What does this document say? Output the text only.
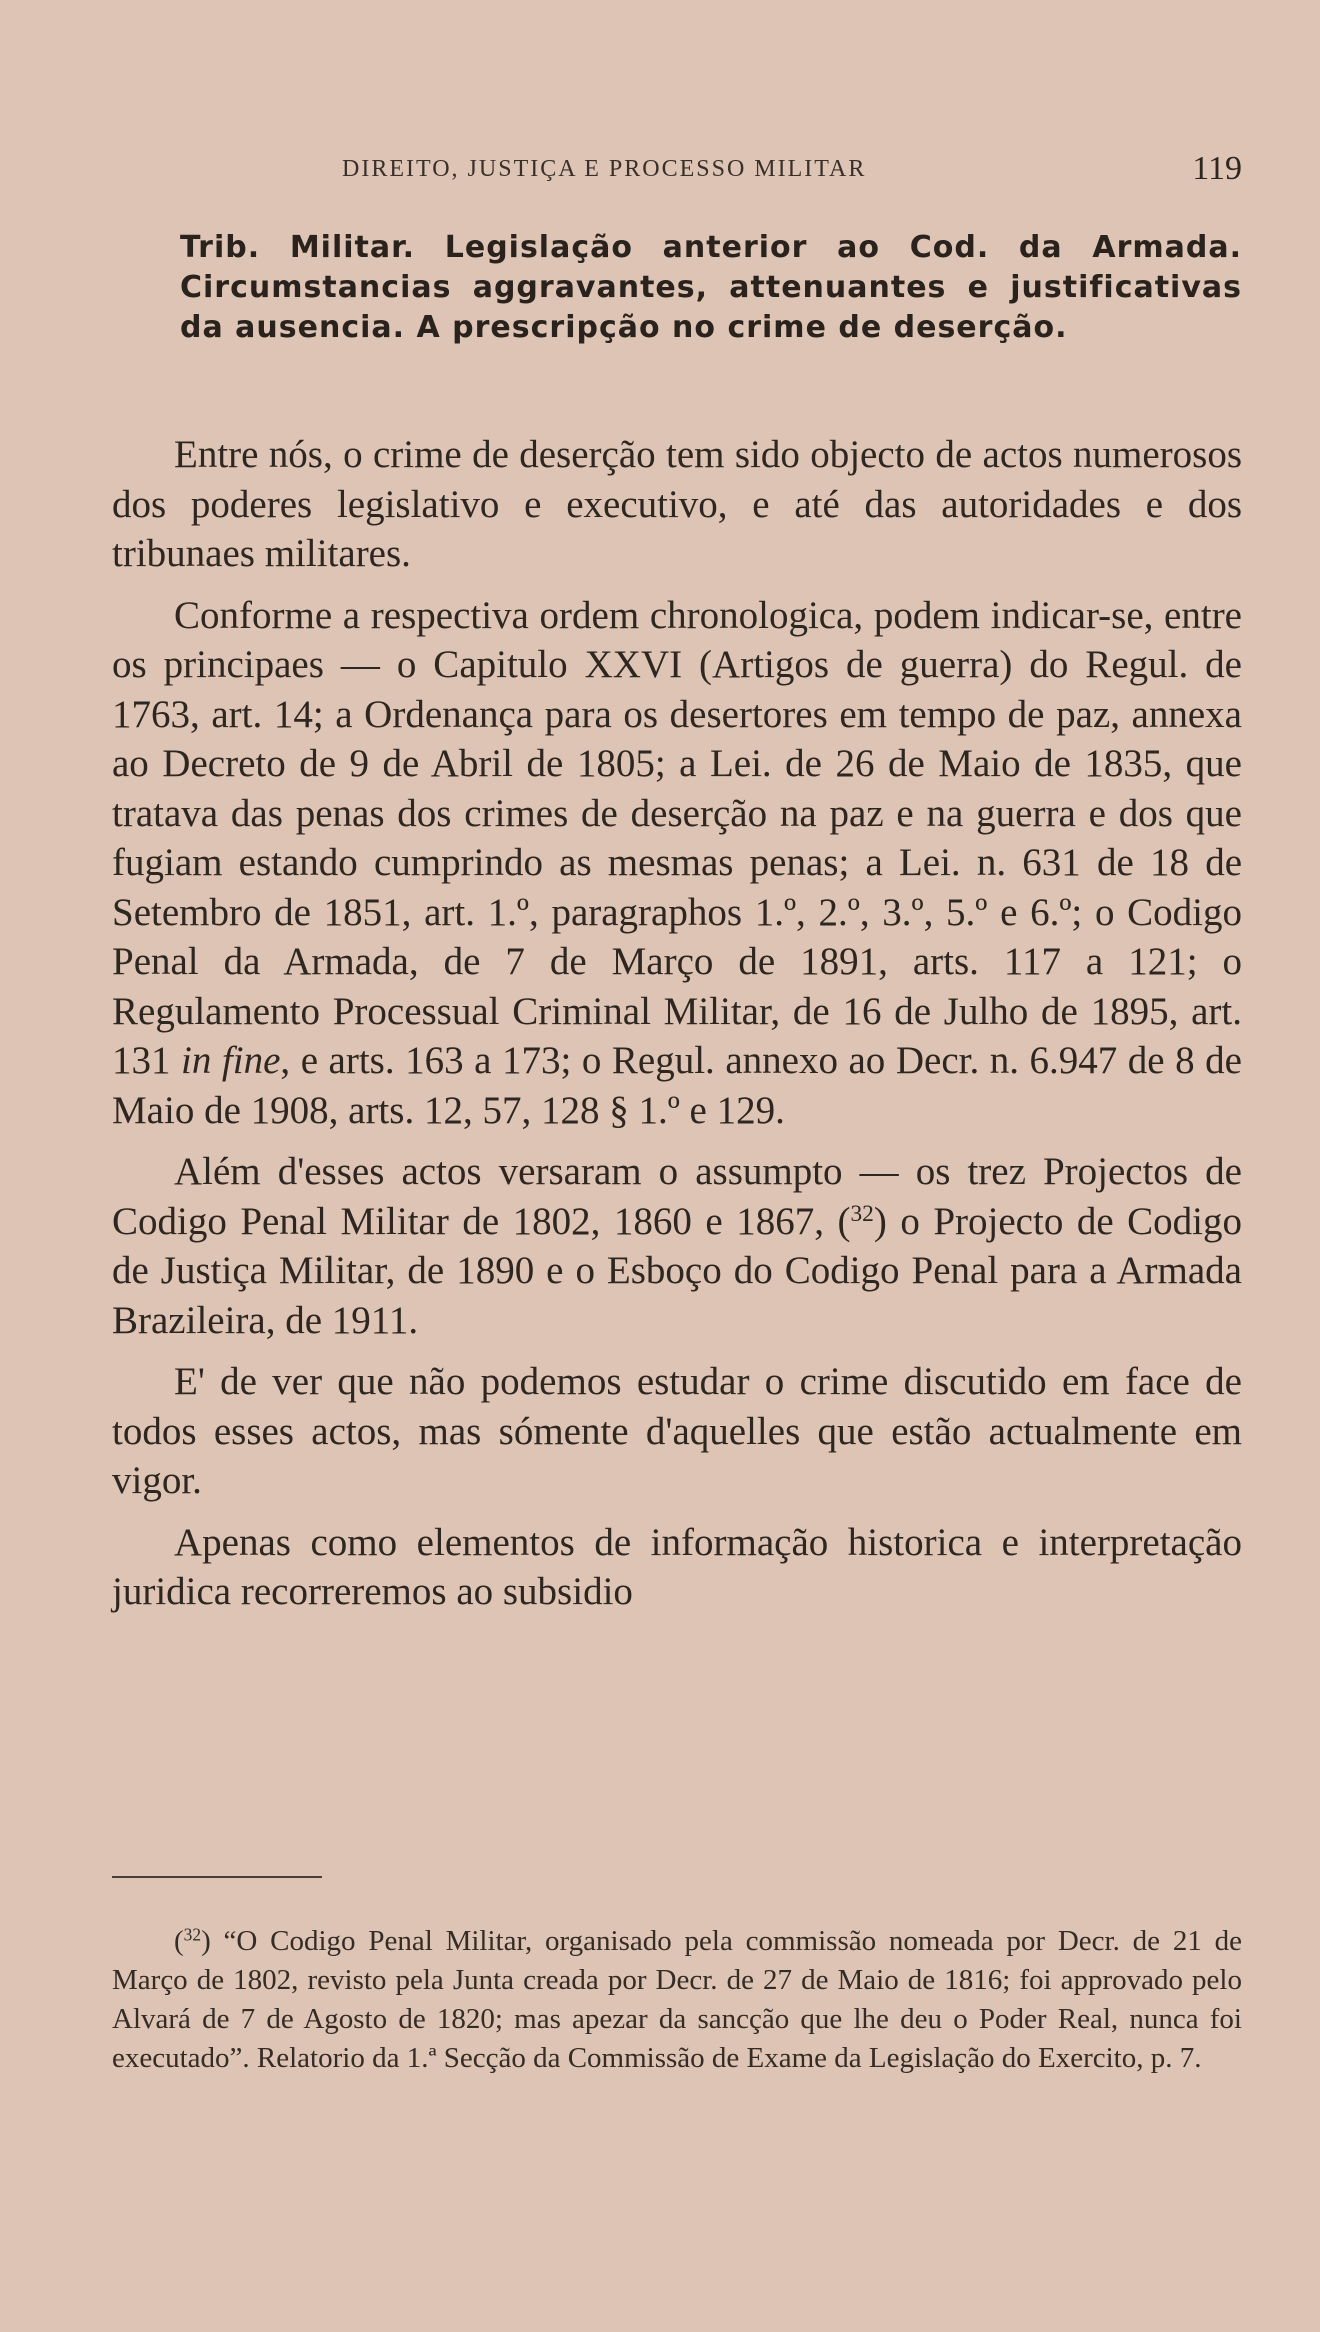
DIREITO, JUSTIÇA E PROCESSO MILITAR	119

Trib. Militar. Legislação anterior ao Cod. da Armada. Circumstancias aggravantes, attenuantes e justificativas da ausencia. A prescripção no crime de deserção.

Entre nós, o crime de deserção tem sido objecto de actos numerosos dos poderes legislativo e executivo, e até das autoridades e dos tribunaes militares.

Conforme a respectiva ordem chronologica, podem indicar-se, entre os principaes — o Capitulo XXVI (Artigos de guerra) do Regul. de 1763, art. 14; a Ordenança para os desertores em tempo de paz, annexa ao Decreto de 9 de Abril de 1805; a Lei. de 26 de Maio de 1835, que tratava das penas dos crimes de deserção na paz e na guerra e dos que fugiam estando cumprindo as mesmas penas; a Lei. n. 631 de 18 de Setembro de 1851, art. 1.º, paragraphos 1.º, 2.º, 3.º, 5.º e 6.º; o Codigo Penal da Armada, de 7 de Março de 1891, arts. 117 a 121; o Regulamento Processual Criminal Militar, de 16 de Julho de 1895, art. 131 in fine, e arts. 163 a 173; o Regul. annexo ao Decr. n. 6.947 de 8 de Maio de 1908, arts. 12, 57, 128 § 1.º e 129.

Além d'esses actos versaram o assumpto — os trez Projectos de Codigo Penal Militar de 1802, 1860 e 1867, ($^{32}$) o Projecto de Codigo de Justiça Militar, de 1890 e o Esboço do Codigo Penal para a Armada Brazileira, de 1911.

E' de ver que não podemos estudar o crime discutido em face de todos esses actos, mas sómente d'aquelles que estão actualmente em vigor.

Apenas como elementos de informação historica e interpretação juridica recorreremos ao subsidio

($^{32}$) “O Codigo Penal Militar, organisado pela commissão nomeada por Decr. de 21 de Março de 1802, revisto pela Junta creada por Decr. de 27 de Maio de 1816; foi approvado pelo Alvará de 7 de Agosto de 1820; mas apezar da sancção que lhe deu o Poder Real, nunca foi executado”. Relatorio da 1.ª Secção da Commissão de Exame da Legislação do Exercito, p. 7.
